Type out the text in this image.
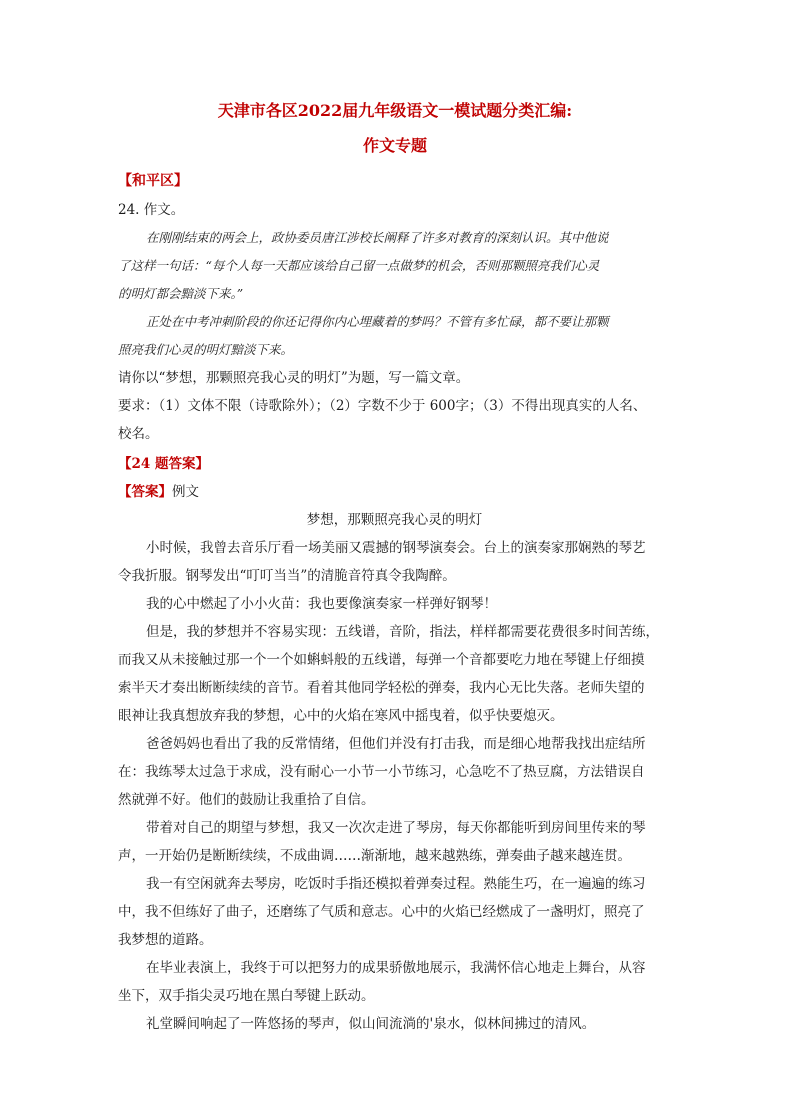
天津市各区2022届九年级语文一模试题分类汇编:
作文专题
【和平区】
24. 作文。
在刚刚结束的两会上，政协委员唐江涉校长阐释了许多对教育的深刻认识。其中他说
了这样一句话：“每个人每一天都应该给自己留一点做梦的机会，否则那颗照亮我们心灵
的明灯都会黯淡下来。”
正处在中考冲刺阶段的你还记得你内心埋藏着的梦吗？不管有多忙碌，都不要让那颗
照亮我们心灵的明灯黯淡下来。
请你以“梦想，那颗照亮我心灵的明灯”为题，写一篇文章。
要求：（1）文体不限（诗歌除外）；（2）字数不少于 600字；（3）不得出现真实的人名、
校名。
【24 题答案】
【答案】例文
梦想，那颗照亮我心灵的明灯
小时候，我曾去音乐厅看一场美丽又震撼的钢琴演奏会。台上的演奏家那娴熟的琴艺
令我折服。钢琴发出“叮叮当当”的清脆音符真令我陶醉。
我的心中燃起了小小火苗：我也要像演奏家一样弹好钢琴！
但是，我的梦想并不容易实现：五线谱，音阶，指法，样样都需要花费很多时间苦练，
而我又从未接触过那一个一个如蝌蚪般的五线谱，每弹一个音都要吃力地在琴键上仔细摸
索半天才奏出断断续续的音节。看着其他同学轻松的弹奏，我内心无比失落。老师失望的
眼神让我真想放弃我的梦想，心中的火焰在寒风中摇曳着，似乎快要熄灭。
爸爸妈妈也看出了我的反常情绪，但他们并没有打击我，而是细心地帮我找出症结所
在：我练琴太过急于求成，没有耐心一小节一小节练习，心急吃不了热豆腐，方法错误自
然就弹不好。他们的鼓励让我重拾了自信。
带着对自己的期望与梦想，我又一次次走进了琴房，每天你都能听到房间里传来的琴
声，一开始仍是断断续续，不成曲调……渐渐地，越来越熟练，弹奏曲子越来越连贯。
我一有空闲就奔去琴房，吃饭时手指还模拟着弹奏过程。熟能生巧，在一遍遍的练习
中，我不但练好了曲子，还磨练了气质和意志。心中的火焰已经燃成了一盏明灯，照亮了
我梦想的道路。
在毕业表演上，我终于可以把努力的成果骄傲地展示，我满怀信心地走上舞台，从容
坐下，双手指尖灵巧地在黑白琴键上跃动。
礼堂瞬间响起了一阵悠扬的琴声，似山间流淌的'泉水，似林间拂过的清风。
